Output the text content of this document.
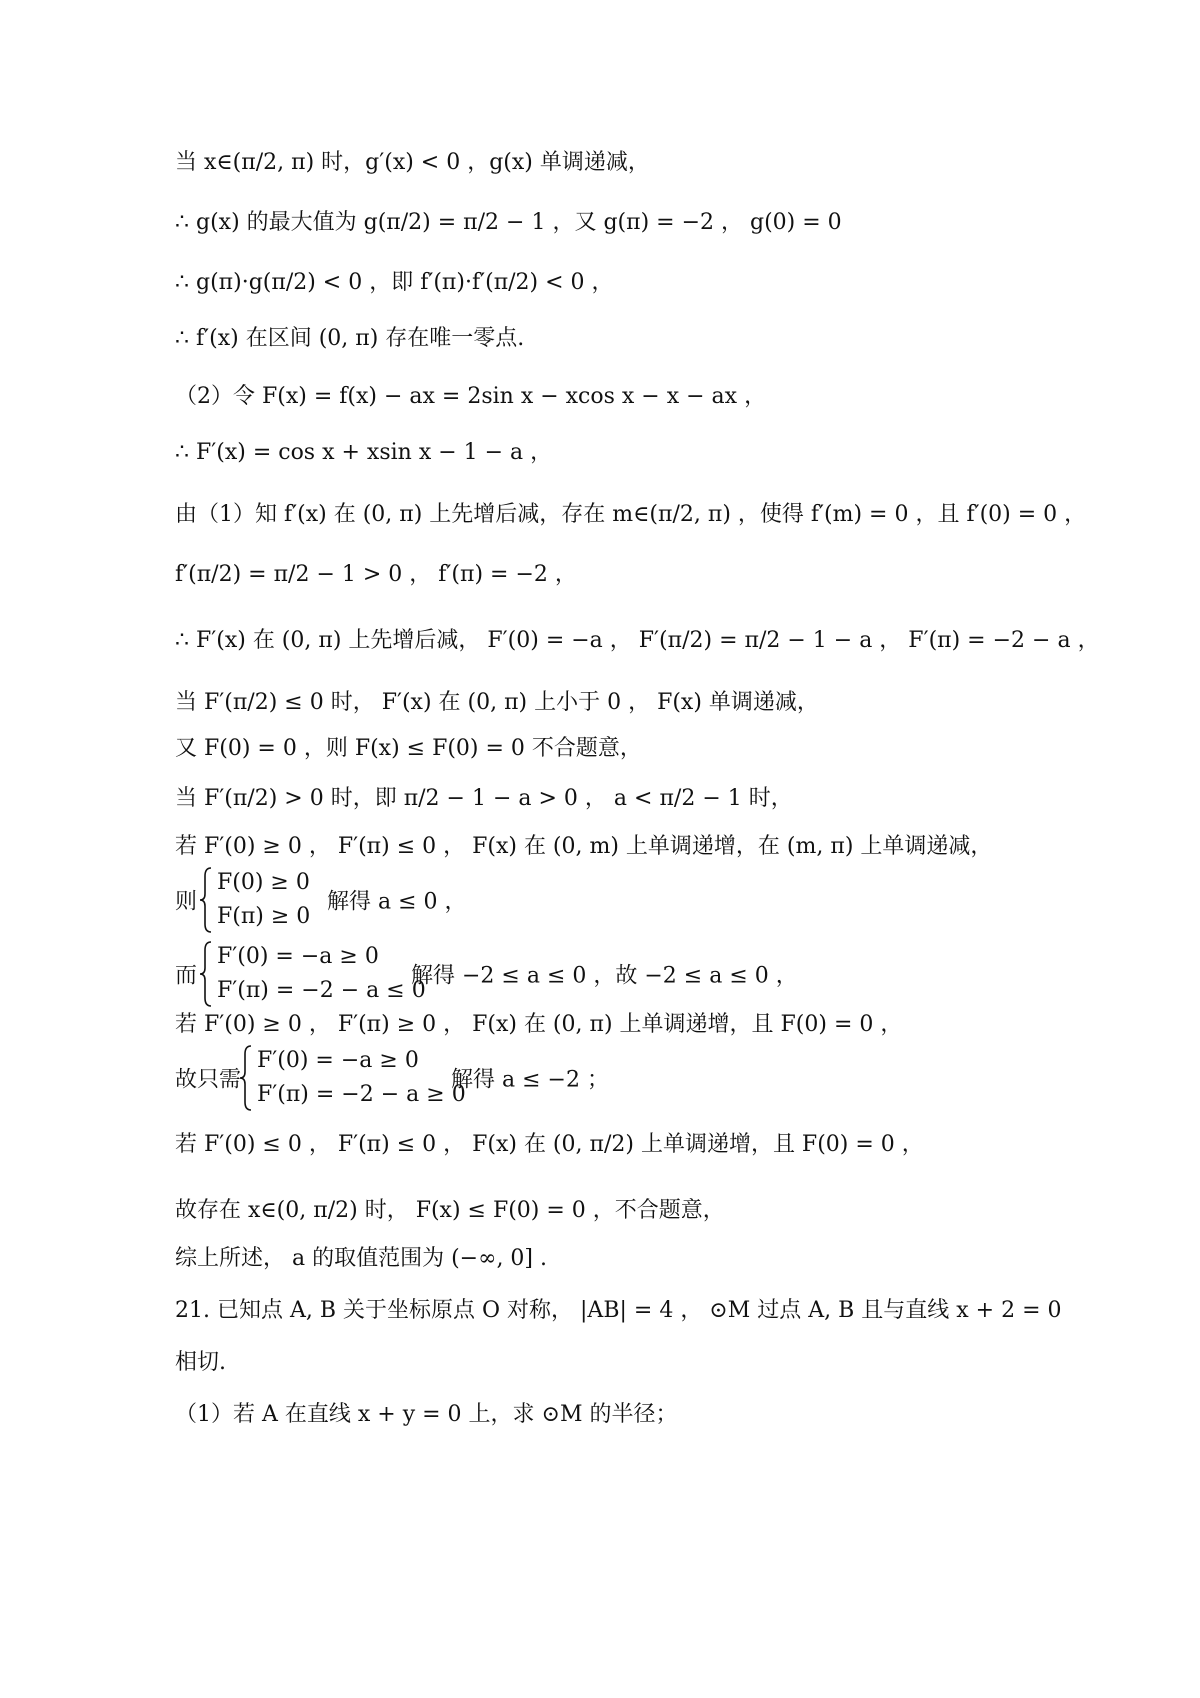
当 x∈(π/2, π) 时，g′(x) < 0 ，g(x) 单调递减，
∴ g(x) 的最大值为 g(π/2) = π/2 − 1 ，又 g(π) = −2 ， g(0) = 0
∴ g(π)·g(π/2) < 0 ，即 f′(π)·f′(π/2) < 0 ，
∴ f′(x) 在区间 (0, π) 存在唯一零点.
（2）令 F(x) = f(x) − ax = 2sin x − xcos x − x − ax ，
∴ F′(x) = cos x + xsin x − 1 − a ，
由（1）知 f′(x) 在 (0, π) 上先增后减，存在 m∈(π/2, π) ，使得 f′(m) = 0 ，且 f′(0) = 0 ，
f′(π/2) = π/2 − 1 > 0 ， f′(π) = −2 ，
∴ F′(x) 在 (0, π) 上先增后减， F′(0) = −a ， F′(π/2) = π/2 − 1 − a ， F′(π) = −2 − a ，
当 F′(π/2) ≤ 0 时， F′(x) 在 (0, π) 上小于 0 ， F(x) 单调递减，
又 F(0) = 0 ，则 F(x) ≤ F(0) = 0 不合题意，
当 F′(π/2) > 0 时，即 π/2 − 1 − a > 0 ， a < π/2 − 1 时，
若 F′(0) ≥ 0 ， F′(π) ≤ 0 ， F(x) 在 (0, m) 上单调递增，在 (m, π) 上单调递减，
则
F(0) ≥ 0
F(π) ≥ 0
解得 a ≤ 0 ，
而
F′(0) = −a ≥ 0
F′(π) = −2 − a ≤ 0
解得 −2 ≤ a ≤ 0 ，故 −2 ≤ a ≤ 0 ，
若 F′(0) ≥ 0 ， F′(π) ≥ 0 ， F(x) 在 (0, π) 上单调递增，且 F(0) = 0 ，
故只需
F′(0) = −a ≥ 0
F′(π) = −2 − a ≥ 0
解得 a ≤ −2 ；
若 F′(0) ≤ 0 ， F′(π) ≤ 0 ， F(x) 在 (0, π/2) 上单调递增，且 F(0) = 0 ，
故存在 x∈(0, π/2) 时， F(x) ≤ F(0) = 0 ，不合题意，
综上所述， a 的取值范围为 (−∞, 0] .
21. 已知点 A, B 关于坐标原点 O 对称， |AB| = 4 ， ⊙M 过点 A, B 且与直线 x + 2 = 0
相切.
（1）若 A 在直线 x + y = 0 上，求 ⊙M 的半径；
